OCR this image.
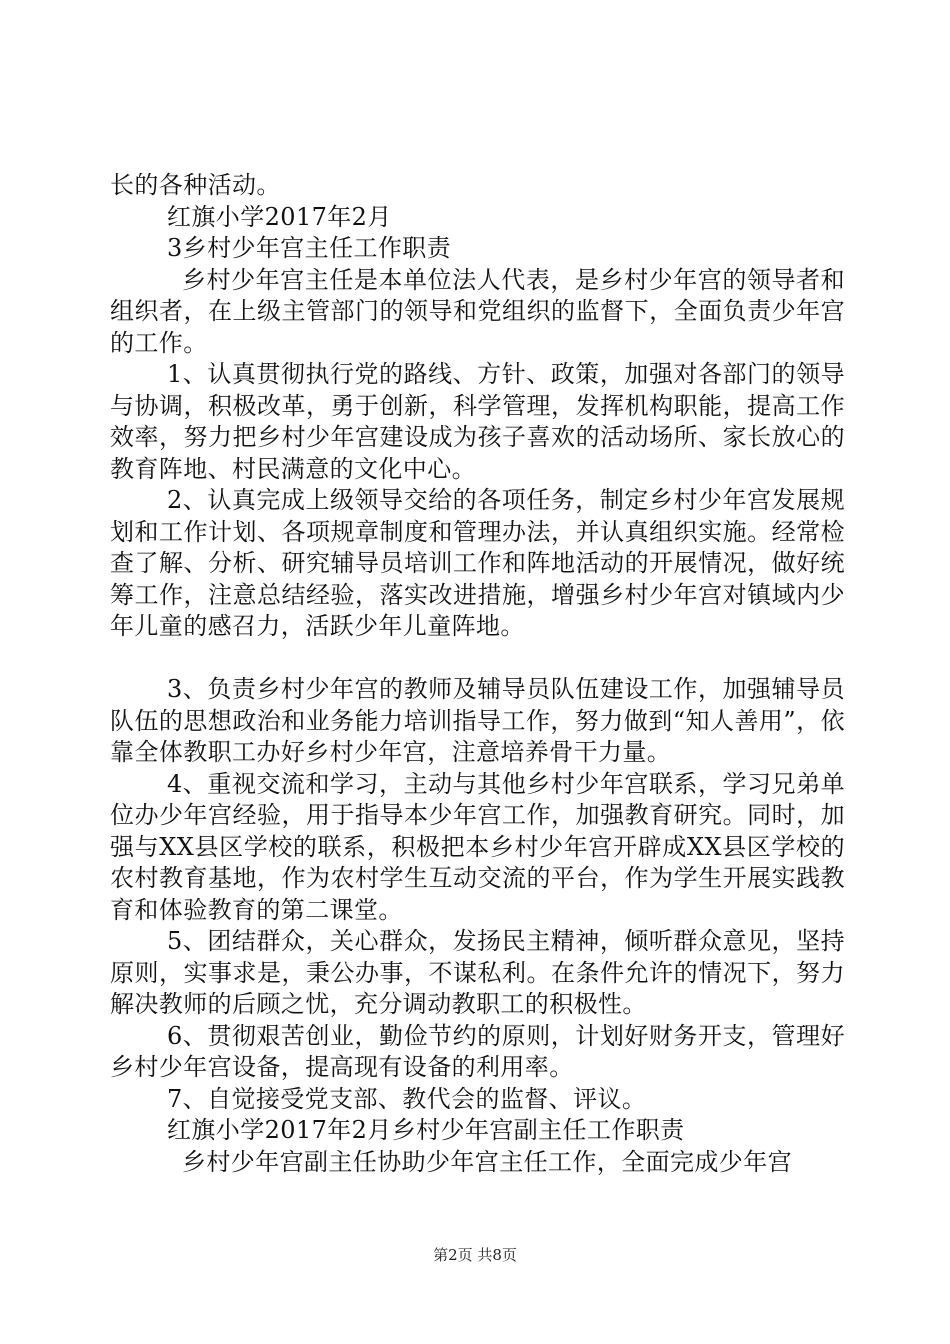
长的各种活动。

红旗小学2017年2月

3乡村少年宫主任工作职责

乡村少年宫主任是本单位法人代表，是乡村少年宫的领导者和组织者，在上级主管部门的领导和党组织的监督下，全面负责少年宫的工作。

1、认真贯彻执行党的路线、方针、政策，加强对各部门的领导与协调，积极改革，勇于创新，科学管理，发挥机构职能，提高工作效率，努力把乡村少年宫建设成为孩子喜欢的活动场所、家长放心的教育阵地、村民满意的文化中心。

2、认真完成上级领导交给的各项任务，制定乡村少年宫发展规划和工作计划、各项规章制度和管理办法，并认真组织实施。经常检查了解、分析、研究辅导员培训工作和阵地活动的开展情况，做好统筹工作，注意总结经验，落实改进措施，增强乡村少年宫对镇域内少年儿童的感召力，活跃少年儿童阵地。

3、负责乡村少年宫的教师及辅导员队伍建设工作，加强辅导员队伍的思想政治和业务能力培训指导工作，努力做到“知人善用”，依靠全体教职工办好乡村少年宫，注意培养骨干力量。

4、重视交流和学习，主动与其他乡村少年宫联系，学习兄弟单位办少年宫经验，用于指导本少年宫工作，加强教育研究。同时，加强与XX县区学校的联系，积极把本乡村少年宫开辟成XX县区学校的农村教育基地，作为农村学生互动交流的平台，作为学生开展实践教育和体验教育的第二课堂。

5、团结群众，关心群众，发扬民主精神，倾听群众意见，坚持原则，实事求是，秉公办事，不谋私利。在条件允许的情况下，努力解决教师的后顾之忧，充分调动教职工的积极性。

6、贯彻艰苦创业，勤俭节约的原则，计划好财务开支，管理好乡村少年宫设备，提高现有设备的利用率。

7、自觉接受党支部、教代会的监督、评议。

红旗小学2017年2月乡村少年宫副主任工作职责

乡村少年宫副主任协助少年宫主任工作，全面完成少年宫

第2页 共8页
